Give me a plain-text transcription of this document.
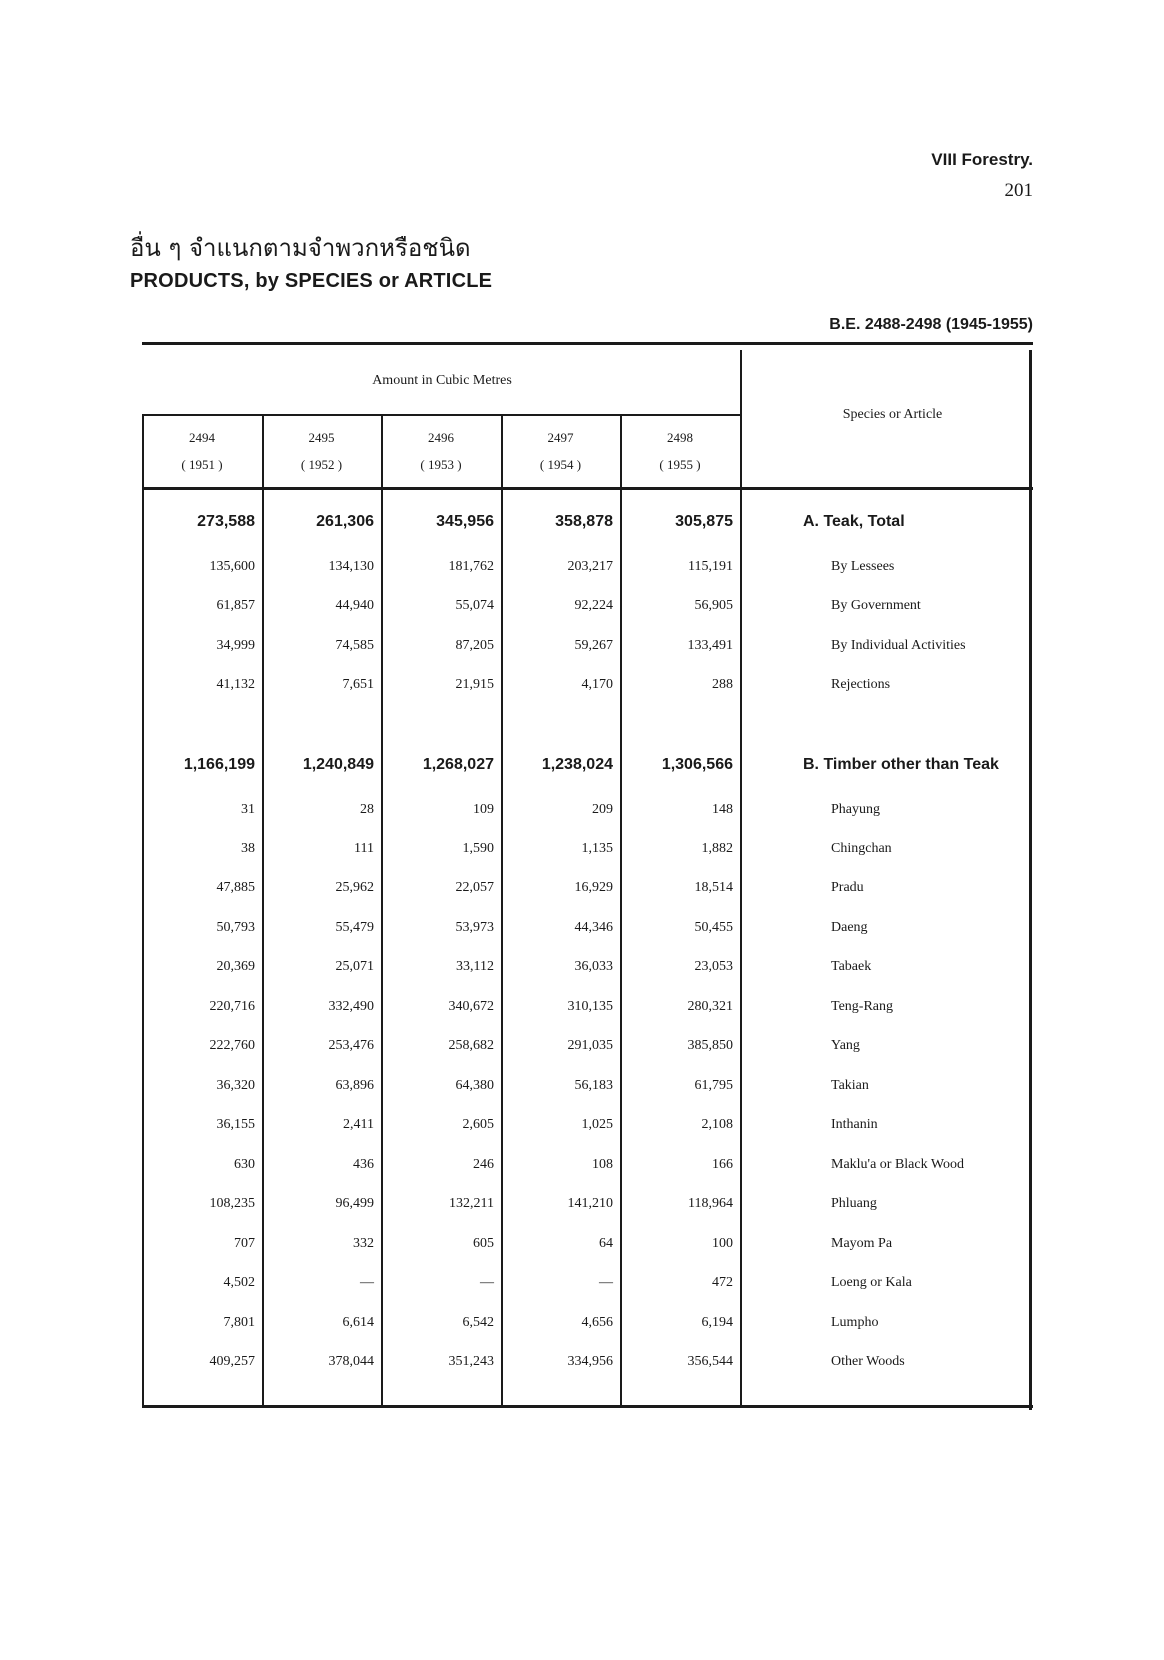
VIII Forestry.
201
อื่น ๆ จำแนกตามจำพวกหรือชนิด
PRODUCTS, by SPECIES or ARTICLE
B.E. 2488-2498 (1945-1955)
Amount in Cubic Metres
Species or Article
2494
( 1951 )
2495
( 1952 )
2496
( 1953 )
2497
( 1954 )
2498
( 1955 )
273,588	261,306	345,956	358,878	305,875	A. Teak, Total
135,600	134,130	181,762	203,217	115,191	By Lessees
61,857	44,940	55,074	92,224	56,905	By Government
34,999	74,585	87,205	59,267	133,491	By Individual Activities
41,132	7,651	21,915	4,170	288	Rejections
1,166,199	1,240,849	1,268,027	1,238,024	1,306,566	B. Timber other than Teak
31	28	109	209	148	Phayung
38	111	1,590	1,135	1,882	Chingchan
47,885	25,962	22,057	16,929	18,514	Pradu
50,793	55,479	53,973	44,346	50,455	Daeng
20,369	25,071	33,112	36,033	23,053	Tabaek
220,716	332,490	340,672	310,135	280,321	Teng-Rang
222,760	253,476	258,682	291,035	385,850	Yang
36,320	63,896	64,380	56,183	61,795	Takian
36,155	2,411	2,605	1,025	2,108	Inthanin
630	436	246	108	166	Maklu'a or Black Wood
108,235	96,499	132,211	141,210	118,964	Phluang
707	332	605	64	100	Mayom Pa
4,502	—	—	—	472	Loeng or Kala
7,801	6,614	6,542	4,656	6,194	Lumpho
409,257	378,044	351,243	334,956	356,544	Other Woods
